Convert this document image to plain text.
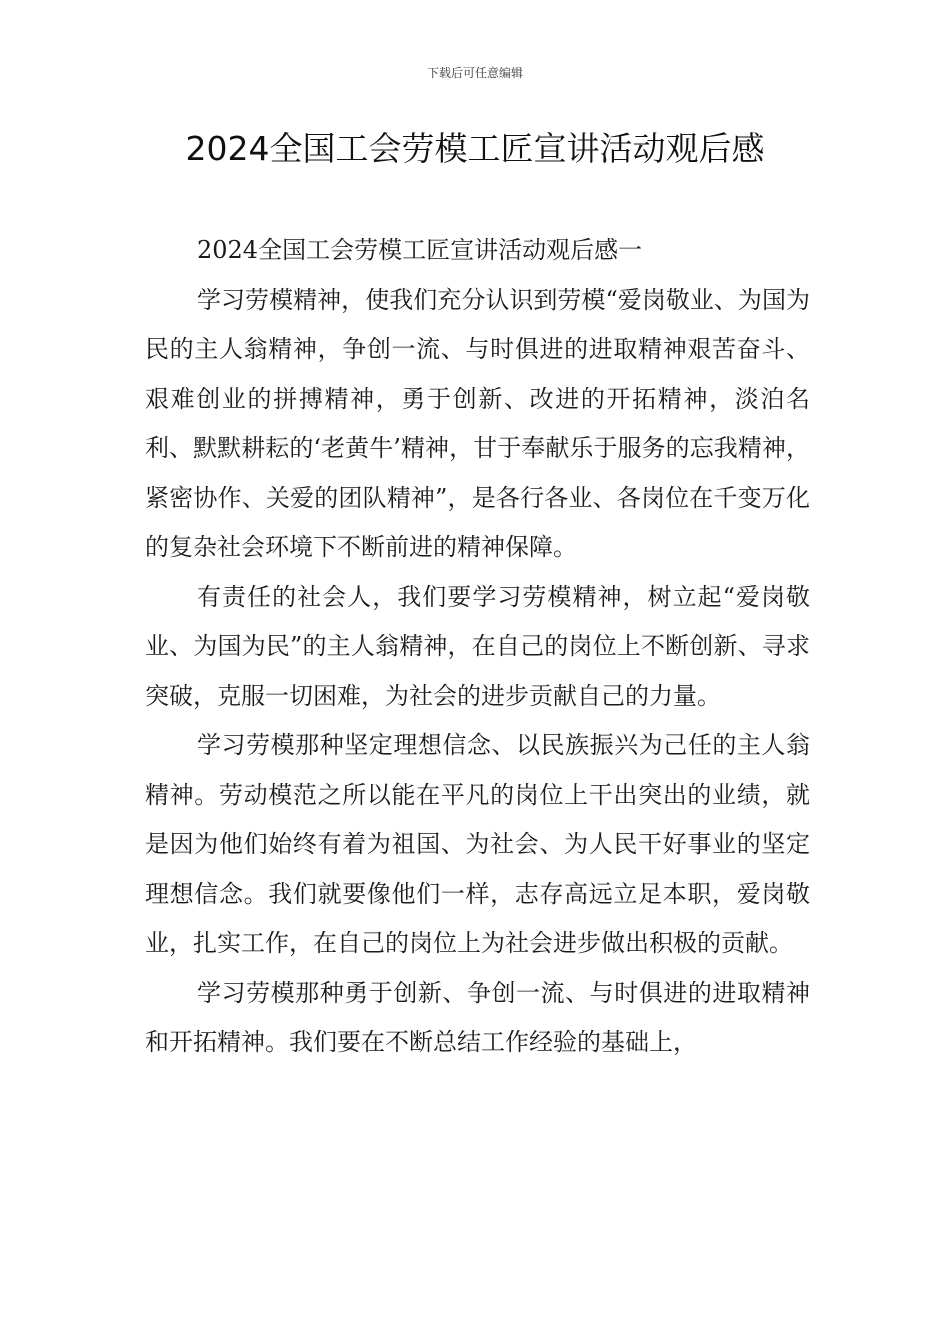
下载后可任意编辑
2024全国工会劳模工匠宣讲活动观后感

2024全国工会劳模工匠宣讲活动观后感一

学习劳模精神，使我们充分认识到劳模“爱岗敬业、为国为民的主人翁精神，争创一流、与时俱进的进取精神艰苦奋斗、艰难创业的拼搏精神，勇于创新、改进的开拓精神，淡泊名利、默默耕耘的‘老黄牛’精神，甘于奉献乐于服务的忘我精神，紧密协作、关爱的团队精神”，是各行各业、各岗位在千变万化的复杂社会环境下不断前进的精神保障。

有责任的社会人，我们要学习劳模精神，树立起“爱岗敬业、为国为民”的主人翁精神，在自己的岗位上不断创新、寻求突破，克服一切困难，为社会的进步贡献自己的力量。

学习劳模那种坚定理想信念、以民族振兴为己任的主人翁精神。劳动模范之所以能在平凡的岗位上干出突出的业绩，就是因为他们始终有着为祖国、为社会、为人民干好事业的坚定理想信念。我们就要像他们一样，志存高远立足本职，爱岗敬业，扎实工作，在自己的岗位上为社会进步做出积极的贡献。

学习劳模那种勇于创新、争创一流、与时俱进的进取精神和开拓精神。我们要在不断总结工作经验的基础上，
